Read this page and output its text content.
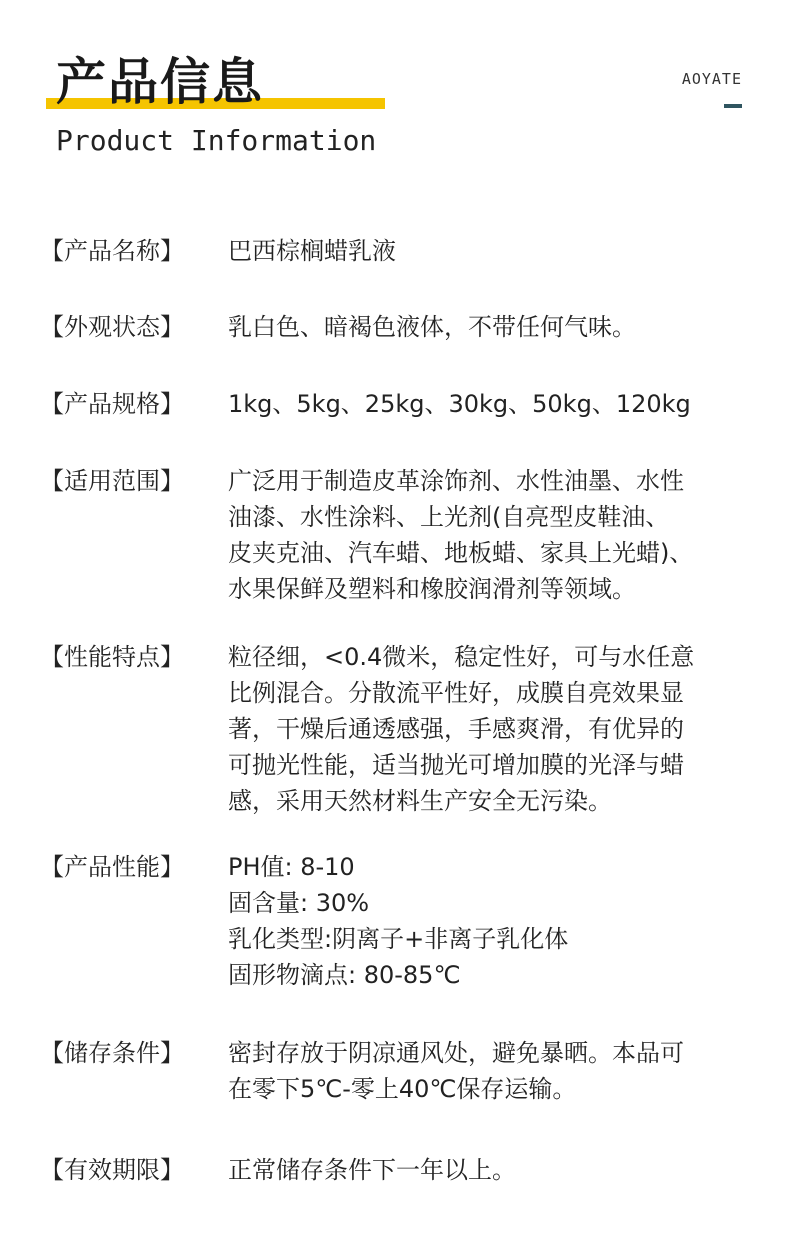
产品信息
Product Information
AOYATE
【产品名称】	巴西棕榈蜡乳液
【外观状态】	乳白色、暗褐色液体，不带任何气味。
【产品规格】	1kg、5kg、25kg、30kg、50kg、120kg
【适用范围】	广泛用于制造皮革涂饰剂、水性油墨、水性
油漆、水性涂料、上光剂(自亮型皮鞋油、
皮夹克油、汽车蜡、地板蜡、家具上光蜡)、
水果保鲜及塑料和橡胶润滑剂等领域。
【性能特点】	粒径细，<0.4微米，稳定性好，可与水任意
比例混合。分散流平性好，成膜自亮效果显
著，干燥后通透感强，手感爽滑，有优异的
可抛光性能，适当抛光可增加膜的光泽与蜡
感，采用天然材料生产安全无污染。
【产品性能】	PH值: 8-10
固含量: 30%
乳化类型:阴离子+非离子乳化体
固形物滴点: 80-85℃
【储存条件】	密封存放于阴凉通风处，避免暴晒。本品可
在零下5℃-零上40℃保存运输。
【有效期限】	正常储存条件下一年以上。
